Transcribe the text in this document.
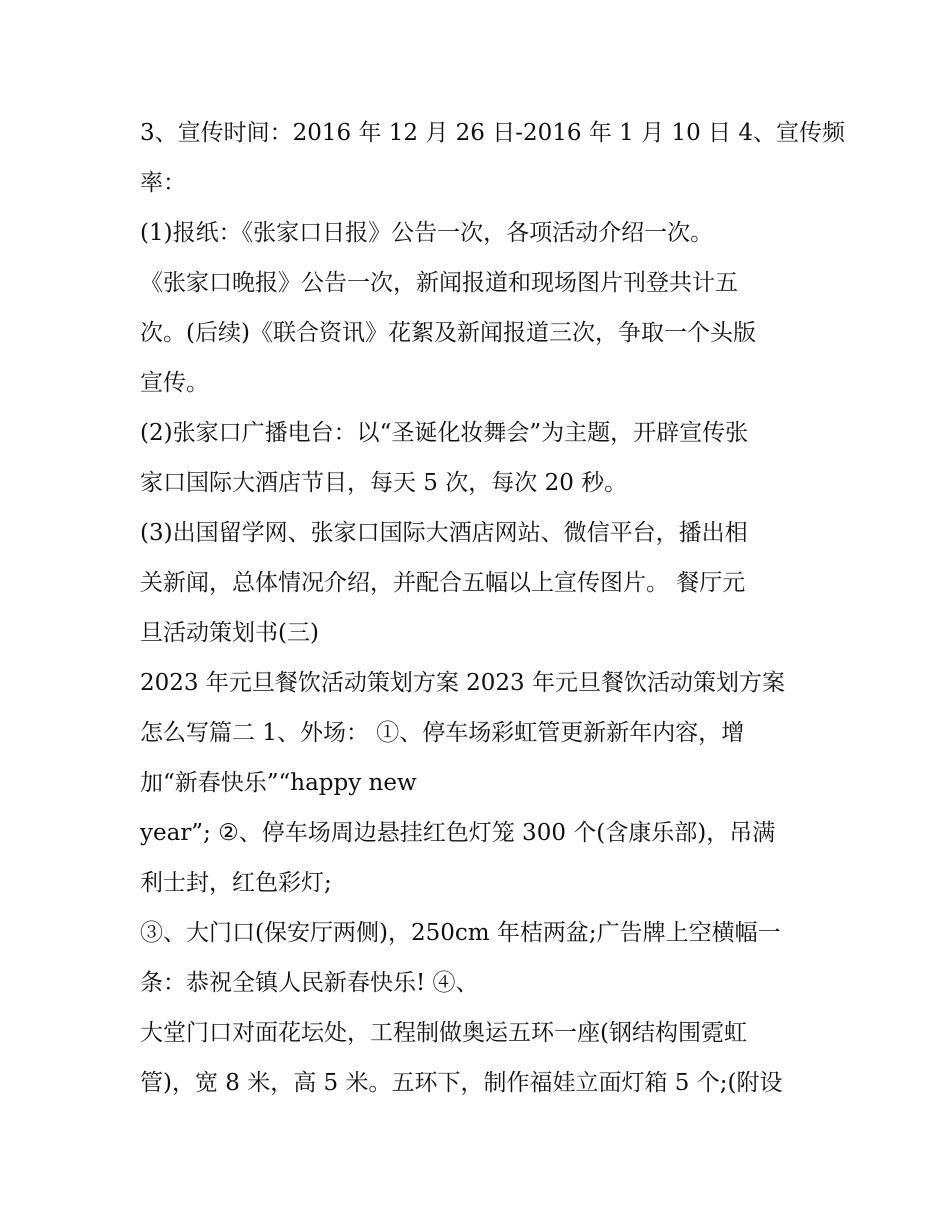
3、宣传时间：2016 年 12 月 26 日-2016 年 1 月 10 日 4、宣传频
率：
(1)报纸：《张家口日报》公告一次，各项活动介绍一次。
《张家口晚报》公告一次，新闻报道和现场图片刊登共计五
次。(后续)《联合资讯》花絮及新闻报道三次，争取一个头版
宣传。
(2)张家口广播电台：以“圣诞化妆舞会”为主题，开辟宣传张
家口国际大酒店节目，每天 5 次，每次 20 秒。
(3)出国留学网、张家口国际大酒店网站、微信平台，播出相
关新闻，总体情况介绍，并配合五幅以上宣传图片。 餐厅元
旦活动策划书(三)
2023 年元旦餐饮活动策划方案 2023 年元旦餐饮活动策划方案
怎么写篇二 1、外场： ①、停车场彩虹管更新新年内容，增
加“新春快乐”“happy new
year”; ②、停车场周边悬挂红色灯笼 300 个(含康乐部)，吊满
利士封，红色彩灯;
③、大门口(保安厅两侧)，250cm 年桔两盆;广告牌上空横幅一
条：恭祝全镇人民新春快乐! ④、
大堂门口对面花坛处，工程制做奥运五环一座(钢结构围霓虹
管)，宽 8 米，高 5 米。五环下，制作福娃立面灯箱 5 个;(附设
